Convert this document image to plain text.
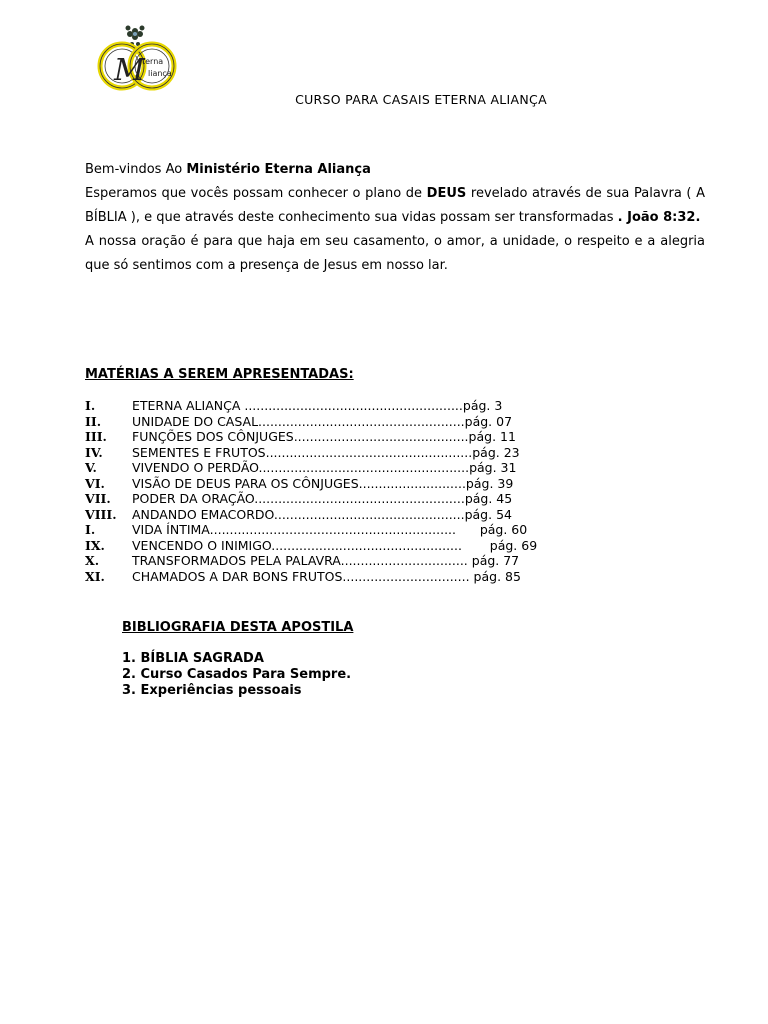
M
terna
liança
CURSO PARA CASAIS ETERNA ALIANÇA

Bem-vindos Ao Ministério Eterna Aliança

Esperamos que vocês possam conhecer o plano de DEUS revelado através de sua Palavra ( A BÍBLIA ), e que através deste conhecimento sua vidas possam ser transformadas . João 8:32.

A nossa oração é para que haja em seu casamento, o amor, a unidade, o respeito e a alegria que só sentimos com a presença de Jesus em nosso lar.

MATÉRIAS A SEREM APRESENTADAS:
I.	ETERNA ALIANÇ​A .......................................................pág. 3
II.	UNIDADE DO CASAL....................................................pág. 07
III.	FUNÇÕES DOS CÔNJUGES............................................pág. 11
IV.	SEMENTES E FRUTOS....................................................pág. 23
V.	VIVENDO O PERDÃO.....................................................pág. 31
VI.	VISÃO DE DEUS PARA OS CÔNJUGES...........................pág. 39
VII.	PODER DA ORAÇÃO.....................................................pág. 45
VIII.	ANDANDO EMACORDO................................................pág. 54
I.	VIDA ÍNTIMA..............................................................      pág. 60
IX.	VENCENDO O INIMIGO................................................       pág. 69
X.	TRANSFORMADOS PELA PALAVRA................................ pág. 77
XI.	CHAMADOS A DAR BONS FRUTOS................................ pág. 85
BIBLIOGRAFIA DESTA APOSTILA
1. BÍBLIA SAGRADA
2. Curso Casados Para Sempre.
3. Experiências pessoais
